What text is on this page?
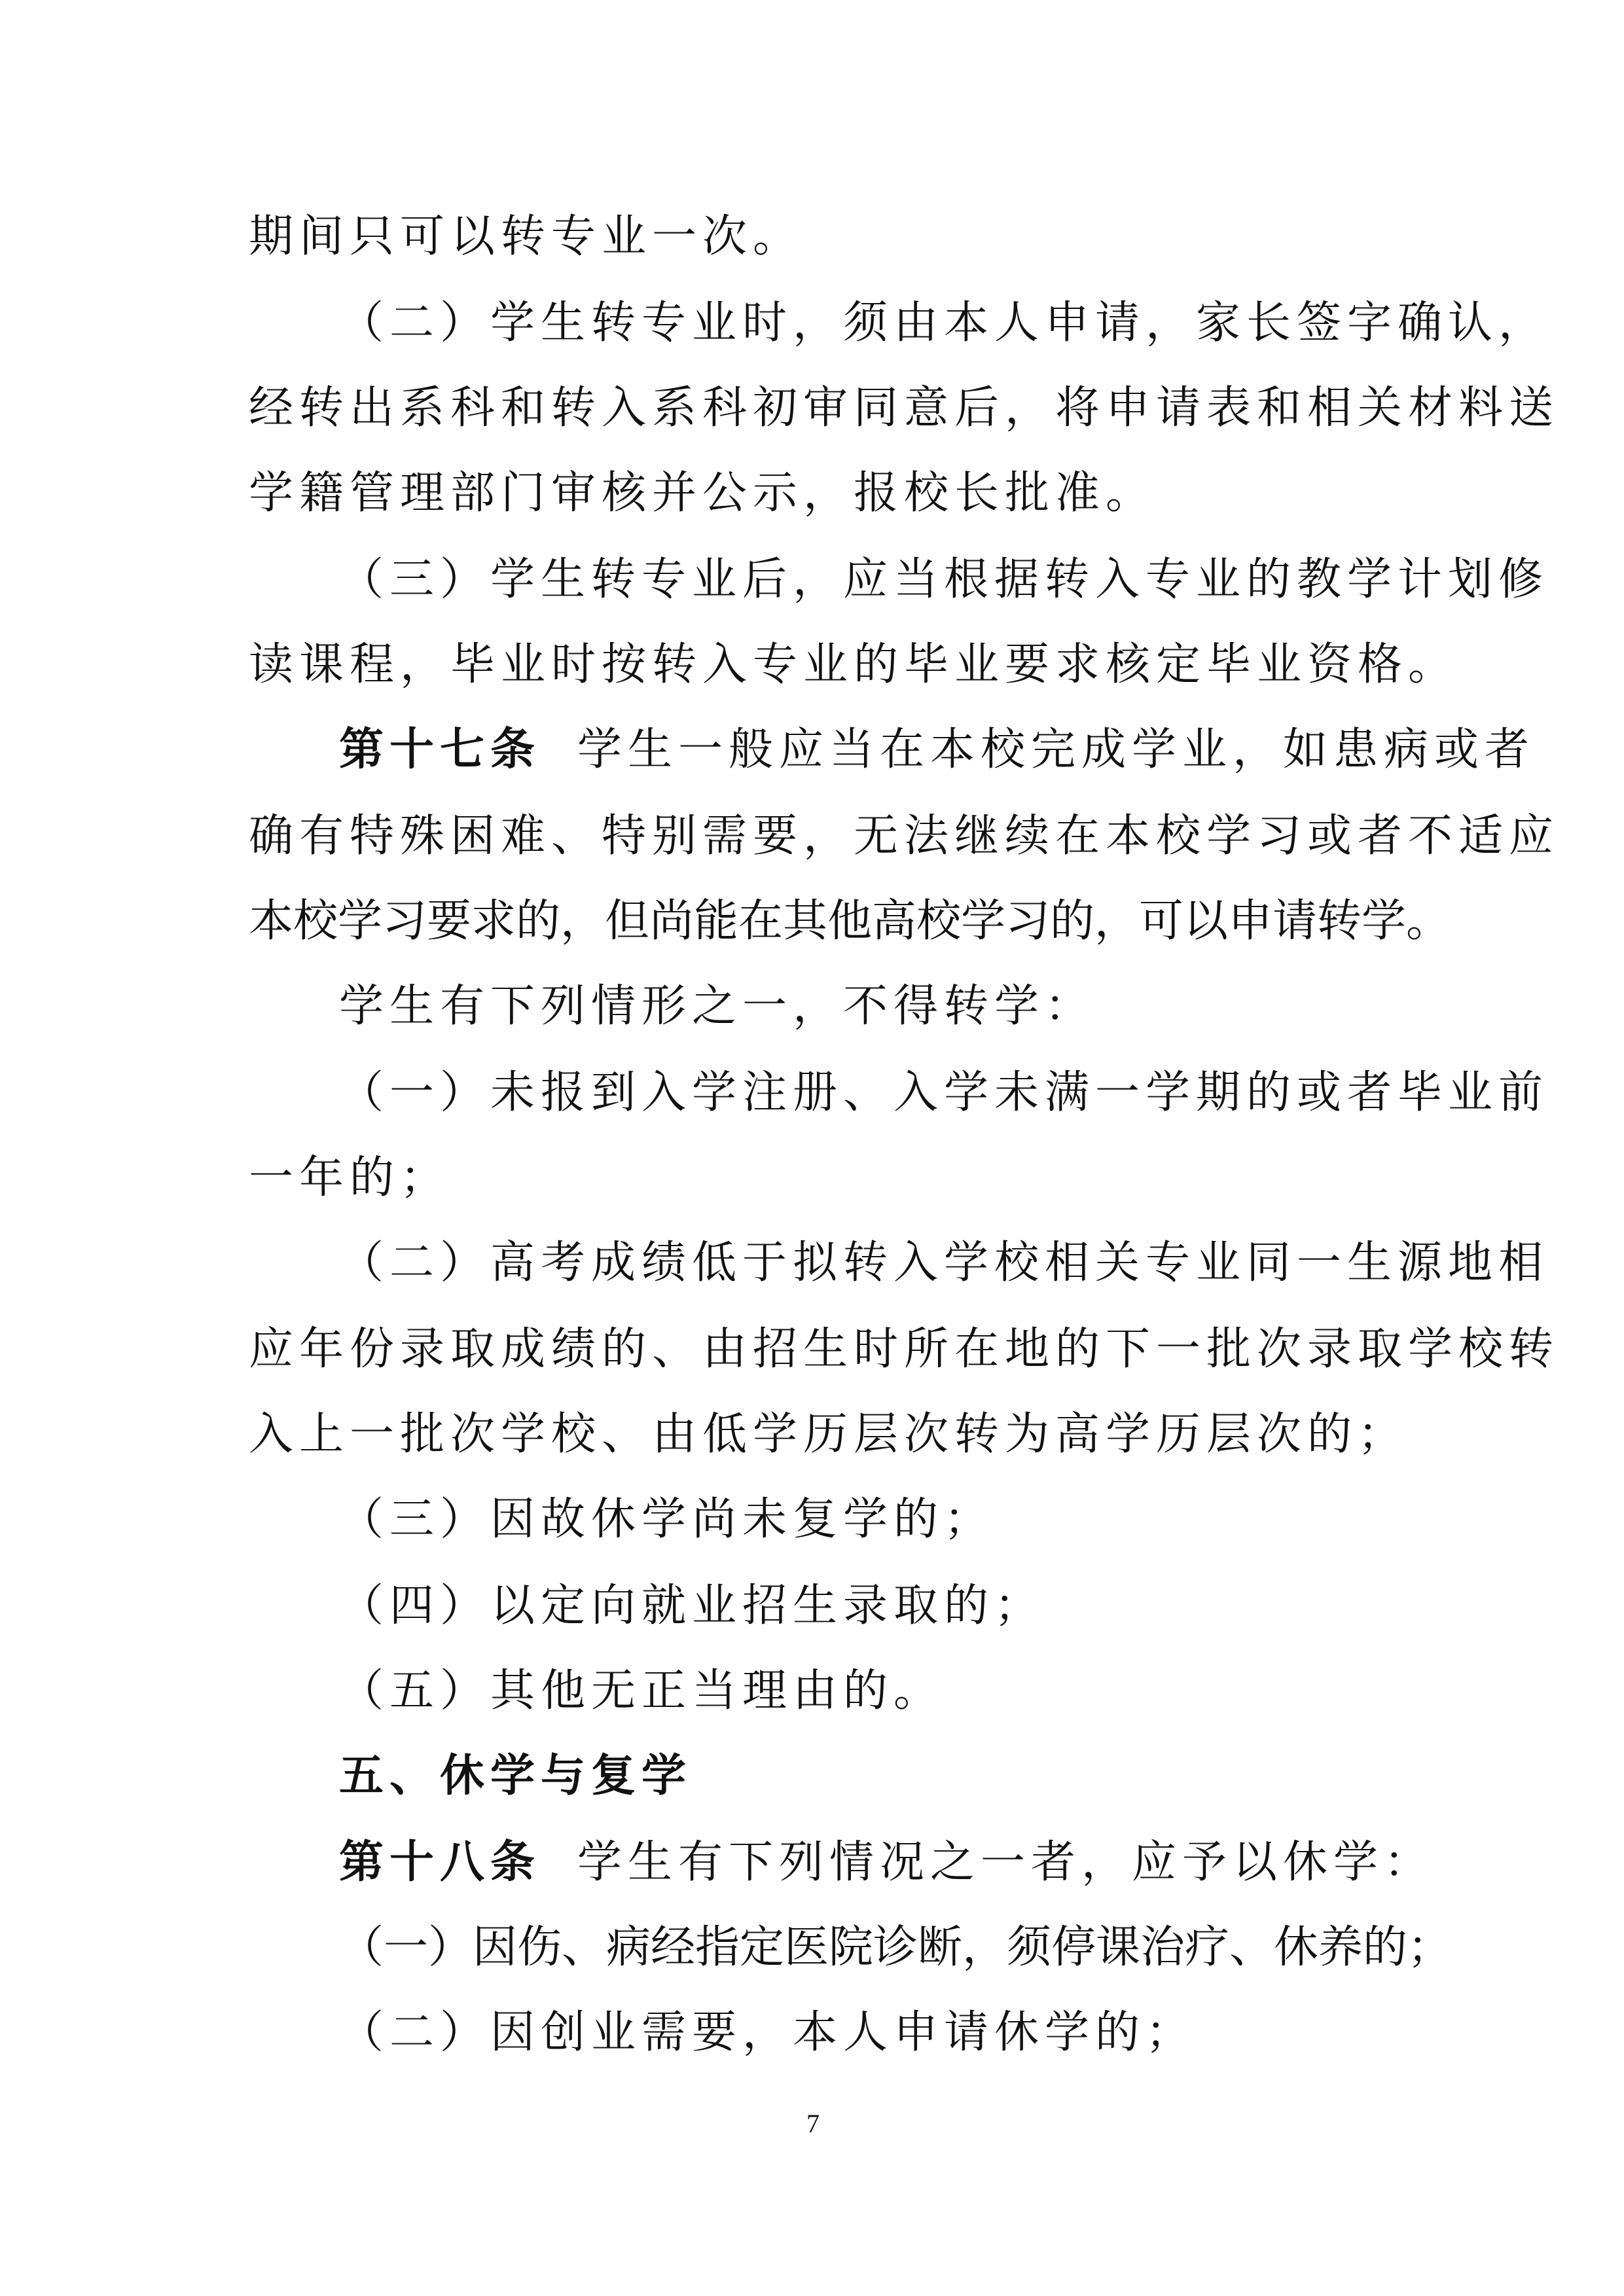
期间只可以转专业一次。
（二）学生转专业时，须由本人申请，家长签字确认，
经转出系科和转入系科初审同意后，将申请表和相关材料送
学籍管理部门审核并公示，报校长批准。
（三）学生转专业后，应当根据转入专业的教学计划修
读课程，毕业时按转入专业的毕业要求核定毕业资格。
第十七条 学生一般应当在本校完成学业，如患病或者
确有特殊困难、特别需要，无法继续在本校学习或者不适应
本校学习要求的，但尚能在其他高校学习的，可以申请转学。
学生有下列情形之一，不得转学：
（一）未报到入学注册、入学未满一学期的或者毕业前
一年的；
（二）高考成绩低于拟转入学校相关专业同一生源地相
应年份录取成绩的、由招生时所在地的下一批次录取学校转
入上一批次学校、由低学历层次转为高学历层次的；
（三）因故休学尚未复学的；
（四）以定向就业招生录取的；
（五）其他无正当理由的。
五、休学与复学
第十八条 学生有下列情况之一者，应予以休学：
（一）因伤、病经指定医院诊断，须停课治疗、休养的；
（二）因创业需要，本人申请休学的；
7
